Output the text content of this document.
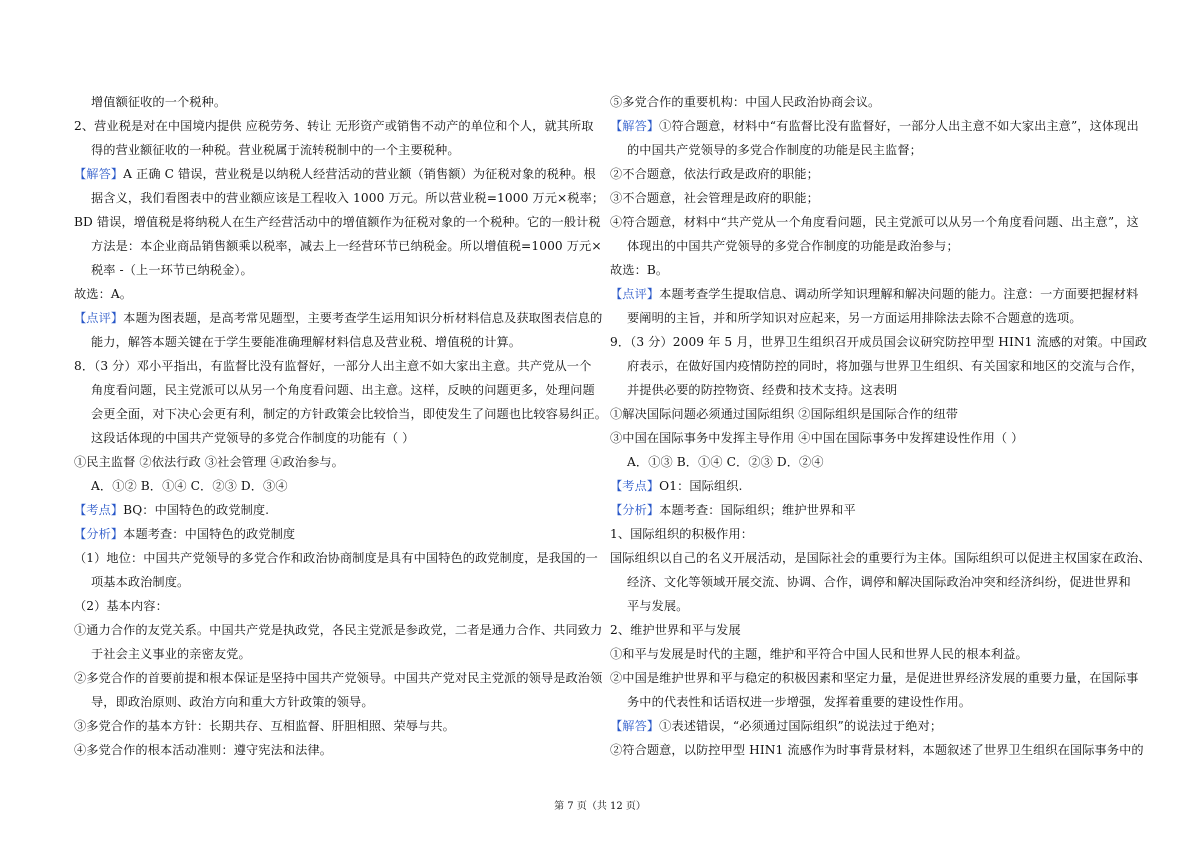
增值额征收的一个税种。
2、营业税是对在中国境内提供 应税劳务、转让 无形资产或销售不动产的单位和个人，就其所取
得的营业额征收的一种税。营业税属于流转税制中的一个主要税种。
【解答】A 正确 C 错误，营业税是以纳税人经营活动的营业额（销售额）为征税对象的税种。根
据含义，我们看图表中的营业额应该是工程收入 1000 万元。所以营业税=1000 万元×税率；
BD 错误，增值税是将纳税人在生产经营活动中的增值额作为征税对象的一个税种。它的一般计税
方法是：本企业商品销售额乘以税率，减去上一经营环节已纳税金。所以增值税=1000 万元×
税率 -（上一环节已纳税金）。
故选：A。
【点评】本题为图表题，是高考常见题型，主要考查学生运用知识分析材料信息及获取图表信息的
能力，解答本题关键在于学生要能准确理解材料信息及营业税、增值税的计算。
8．（3 分）邓小平指出，有监督比没有监督好，一部分人出主意不如大家出主意。共产党从一个
角度看问题，民主党派可以从另一个角度看问题、出主意。这样，反映的问题更多，处理问题
会更全面，对下决心会更有利，制定的方针政策会比较恰当，即使发生了问题也比较容易纠正。
这段话体现的中国共产党领导的多党合作制度的功能有（ ）
①民主监督 ②依法行政 ③社会管理 ④政治参与。
A．①② B．①④ C．②③ D．③④
【考点】BQ：中国特色的政党制度.
【分析】本题考查：中国特色的政党制度
（1）地位：中国共产党领导的多党合作和政治协商制度是具有中国特色的政党制度，是我国的一
项基本政治制度。
（2）基本内容：
①通力合作的友党关系。中国共产党是执政党，各民主党派是参政党，二者是通力合作、共同致力
于社会主义事业的亲密友党。
②多党合作的首要前提和根本保证是坚持中国共产党领导。中国共产党对民主党派的领导是政治领
导，即政治原则、政治方向和重大方针政策的领导。
③多党合作的基本方针：长期共存、互相监督、肝胆相照、荣辱与共。
④多党合作的根本活动准则：遵守宪法和法律。
⑤多党合作的重要机构：中国人民政治协商会议。
【解答】①符合题意，材料中“有监督比没有监督好，一部分人出主意不如大家出主意”，这体现出
的中国共产党领导的多党合作制度的功能是民主监督；
②不合题意，依法行政是政府的职能；
③不合题意，社会管理是政府的职能；
④符合题意，材料中“共产党从一个角度看问题，民主党派可以从另一个角度看问题、出主意”，这
体现出的中国共产党领导的多党合作制度的功能是政治参与；
故选：B。
【点评】本题考查学生提取信息、调动所学知识理解和解决问题的能力。注意：一方面要把握材料
要阐明的主旨，并和所学知识对应起来，另一方面运用排除法去除不合题意的选项。
9．（3 分）2009 年 5 月，世界卫生组织召开成员国会议研究防控甲型 HIN1 流感的对策。中国政
府表示，在做好国内疫情防控的同时，将加强与世界卫生组织、有关国家和地区的交流与合作，
并提供必要的防控物资、经费和技术支持。这表明
①解决国际问题必须通过国际组织 ②国际组织是国际合作的纽带
③中国在国际事务中发挥主导作用 ④中国在国际事务中发挥建设性作用（ ）
A．①③ B．①④ C．②③ D．②④
【考点】O1：国际组织.
【分析】本题考查：国际组织；维护世界和平
1、国际组织的积极作用：
国际组织以自己的名义开展活动，是国际社会的重要行为主体。国际组织可以促进主权国家在政治、
经济、文化等领域开展交流、协调、合作，调停和解决国际政治冲突和经济纠纷，促进世界和
平与发展。
2、维护世界和平与发展
①和平与发展是时代的主题，维护和平符合中国人民和世界人民的根本利益。
②中国是维护世界和平与稳定的积极因素和坚定力量，是促进世界经济发展的重要力量，在国际事
务中的代表性和话语权进一步增强，发挥着重要的建设性作用。
【解答】①表述错误，“必须通过国际组织”的说法过于绝对；
②符合题意，以防控甲型 HIN1 流感作为时事背景材料，本题叙述了世界卫生组织在国际事务中的
第 7 页（共 12 页）
